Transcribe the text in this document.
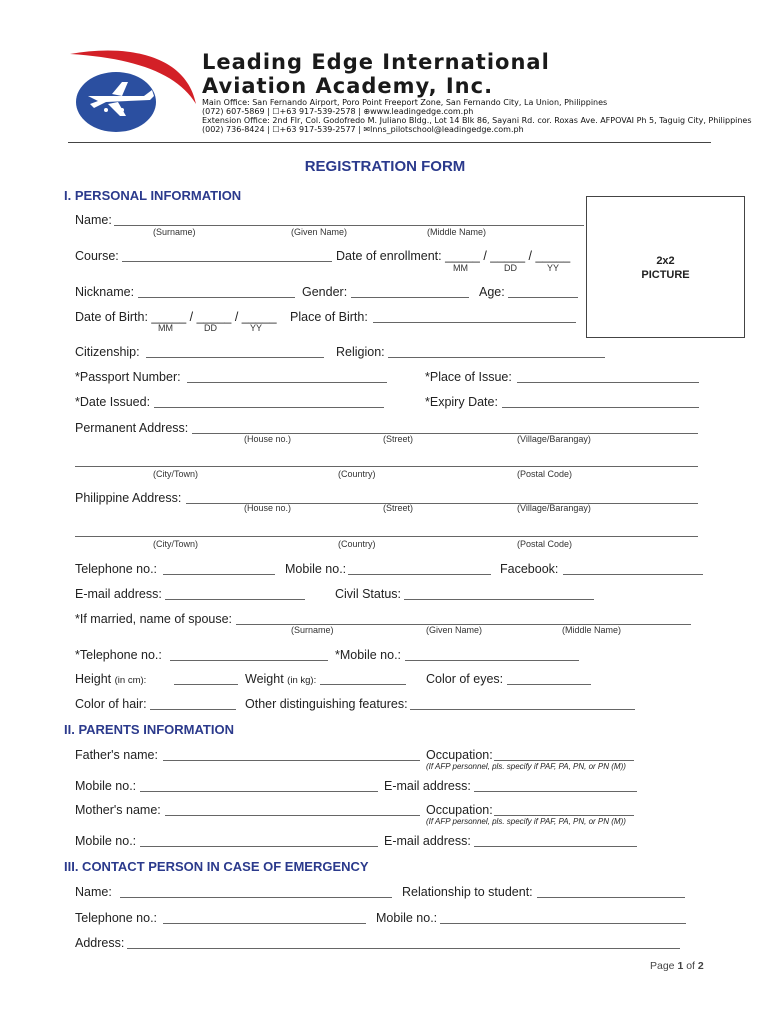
Leading Edge International
Aviation Academy, Inc.
Main Office: San Fernando Airport, Poro Point Freeport Zone, San Fernando City, La Union, Philippines
(072) 607-5869 | ☐+63 917-539-2578 | ⊕www.leadingedge.com.ph
Extension Office: 2nd Flr, Col. Godofredo M. Juliano Bldg., Lot 14 Blk 86, Sayani Rd. cor. Roxas Ave. AFPOVAI Ph 5, Taguig City, Philippines
(002) 736-8424 | ☐+63 917-539-2577 | ✉lnns_pilotschool@leadingedge.com.ph
REGISTRATION FORM
I. PERSONAL INFORMATION
2x2
PICTURE
Name:
(Surname)	(Given Name)	(Middle Name)
Course:	Date of enrollment: _____ / _____ / _____
MM	DD	YY
Nickname:	Gender:	Age:
Date of Birth: _____ / _____ / _____
MM	DD	YY
Place of Birth:
Citizenship:	Religion:
*Passport Number:	*Place of Issue:
*Date Issued:	*Expiry Date:
Permanent Address:
(House no.)	(Street)	(Village/Barangay)
(City/Town)	(Country)	(Postal Code)
Philippine Address:
(House no.)	(Street)	(Village/Barangay)
(City/Town)	(Country)	(Postal Code)
Telephone no.:	Mobile no.:	Facebook:
E-mail address:	Civil Status:
*If married, name of spouse:
(Surname)	(Given Name)	(Middle Name)
*Telephone no.:	*Mobile no.:
Height (in cm):	Weight (in kg):	Color of eyes:
Color of hair:	Other distinguishing features:
II. PARENTS INFORMATION
Father's name:	Occupation:
(If AFP personnel, pls. specify if PAF, PA, PN, or PN (M))
Mobile no.:	E-mail address:
Mother's name:	Occupation:
(If AFP personnel, pls. specify if PAF, PA, PN, or PN (M))
Mobile no.:	E-mail address:
III. CONTACT PERSON IN CASE OF EMERGENCY
Name:	Relationship to student:
Telephone no.:	Mobile no.:
Address:
Page 1 of 2
